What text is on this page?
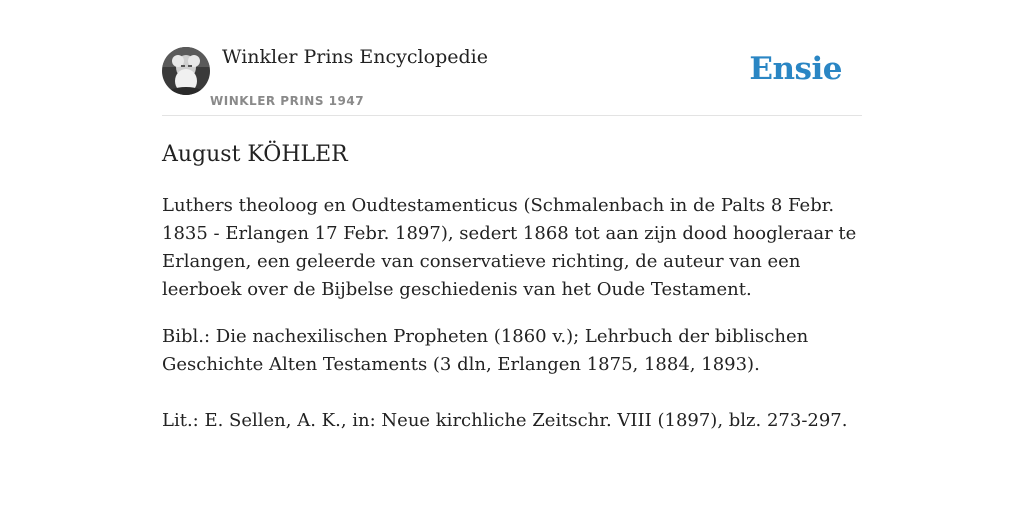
Winkler Prins Encyclopedie
WINKLER PRINS 1947
Ensie
August KÖHLER

Luthers theoloog en Oudtestamenticus (Schmalenbach in de Palts 8 Febr. 1835 - Erlangen 17 Febr. 1897), sedert 1868 tot aan zijn dood hoogleraar te Erlangen, een geleerde van conservatieve richting, de auteur van een leerboek over de Bijbelse geschiedenis van het Oude Testament.

Bibl.: Die nachexilischen Propheten (1860 v.); Lehrbuch der biblischen Geschichte Alten Testaments (3 dln, Erlangen 1875, 1884, 1893).

Lit.: E. Sellen, A. K., in: Neue kirchliche Zeitschr. VIII (1897), blz. 273-297.
